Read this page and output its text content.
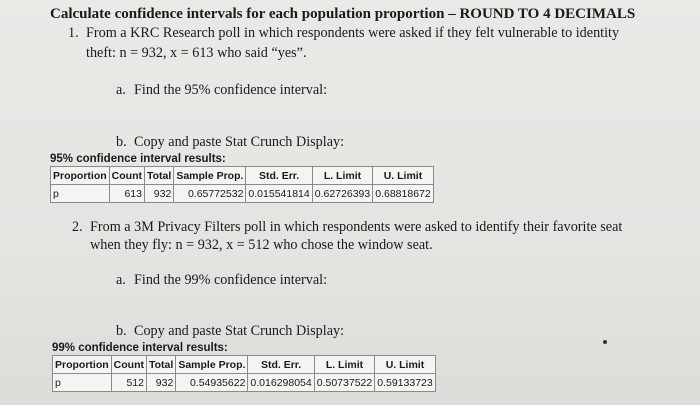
Calculate confidence intervals for each population proportion – ROUND TO 4 DECIMALS
1. From a KRC Research poll in which respondents were asked if they felt vulnerable to identity
theft: n = 932, x = 613 who said “yes”.
a. Find the 95% confidence interval:
b. Copy and paste Stat Crunch Display:
95% confidence interval results:
Proportion	Count	Total	Sample Prop.	Std. Err.	L. Limit	U. Limit
p	613	932	0.65772532	0.015541814	0.62726393	0.68818672
2. From a 3M Privacy Filters poll in which respondents were asked to identify their favorite seat
when they fly: n = 932, x = 512 who chose the window seat.
a. Find the 99% confidence interval:
b. Copy and paste Stat Crunch Display:
99% confidence interval results:
Proportion	Count	Total	Sample Prop.	Std. Err.	L. Limit	U. Limit
p	512	932	0.54935622	0.016298054	0.50737522	0.59133723
